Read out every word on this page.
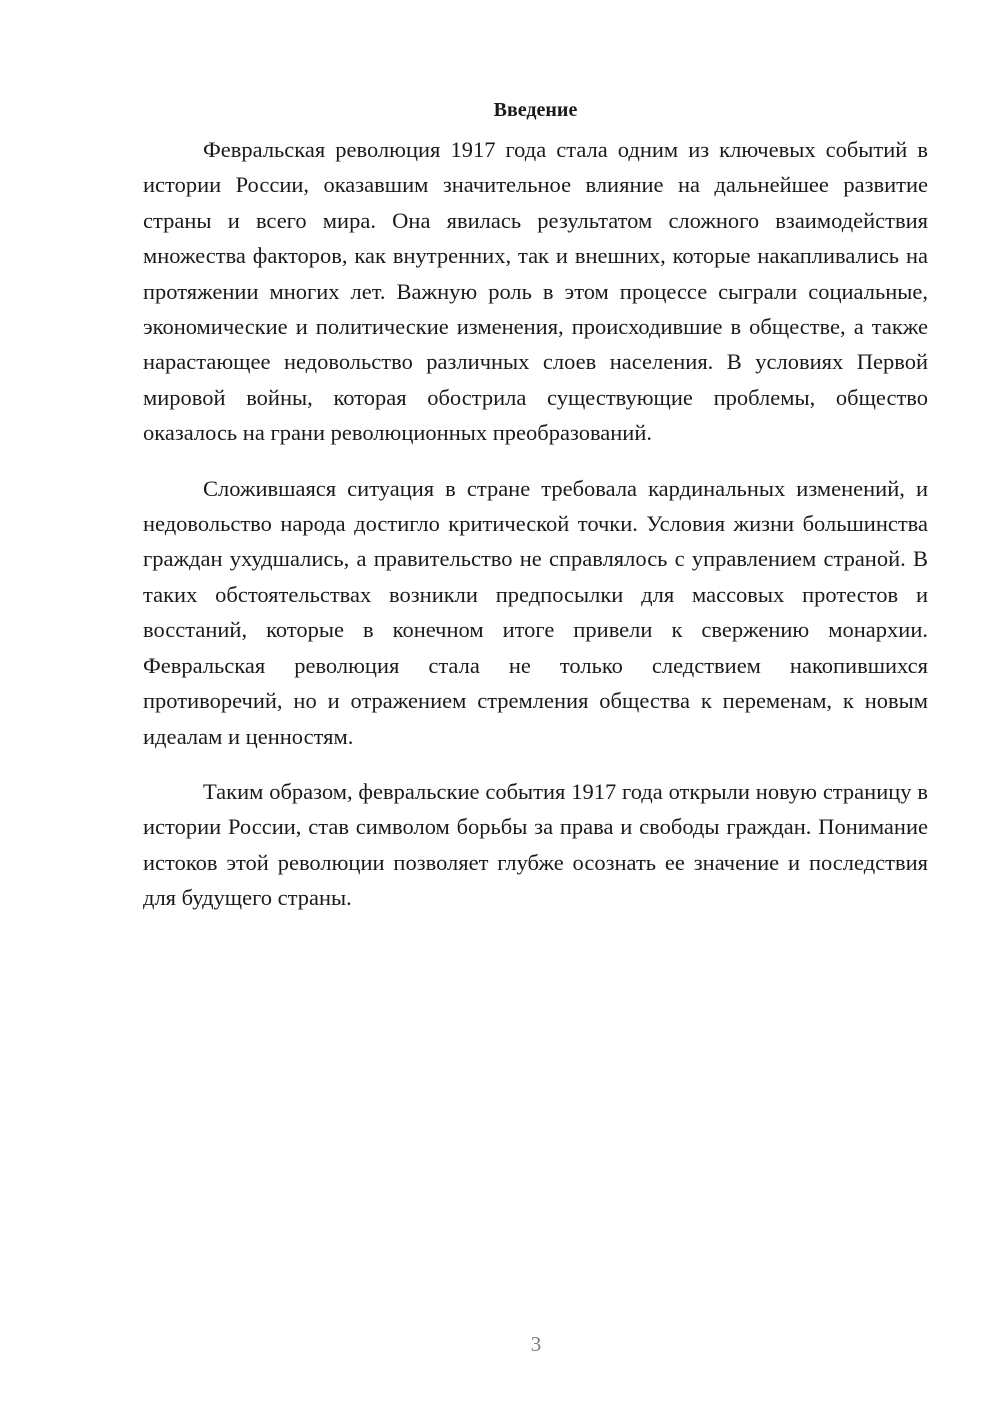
Введение

Февральская революция 1917 года стала одним из ключевых событий в истории России, оказавшим значительное влияние на дальнейшее развитие страны и всего мира. Она явилась результатом сложного взаимодействия множества факторов, как внутренних, так и внешних, которые накапливались на протяжении многих лет. Важную роль в этом процессе сыграли социальные, экономические и политические изменения, происходившие в обществе, а также нарастающее недовольство различных слоев населения. В условиях Первой мировой войны, которая обострила существующие проблемы, общество оказалось на грани революционных преобразований.

Сложившаяся ситуация в стране требовала кардинальных изменений, и недовольство народа достигло критической точки. Условия жизни большинства граждан ухудшались, а правительство не справлялось с управлением страной. В таких обстоятельствах возникли предпосылки для массовых протестов и восстаний, которые в конечном итоге привели к свержению монархии. Февральская революция стала не только следствием накопившихся противоречий, но и отражением стремления общества к переменам, к новым идеалам и ценностям.

Таким образом, февральские события 1917 года открыли новую страницу в истории России, став символом борьбы за права и свободы граждан. Понимание истоков этой революции позволяет глубже осознать ее значение и последствия для будущего страны.

3
